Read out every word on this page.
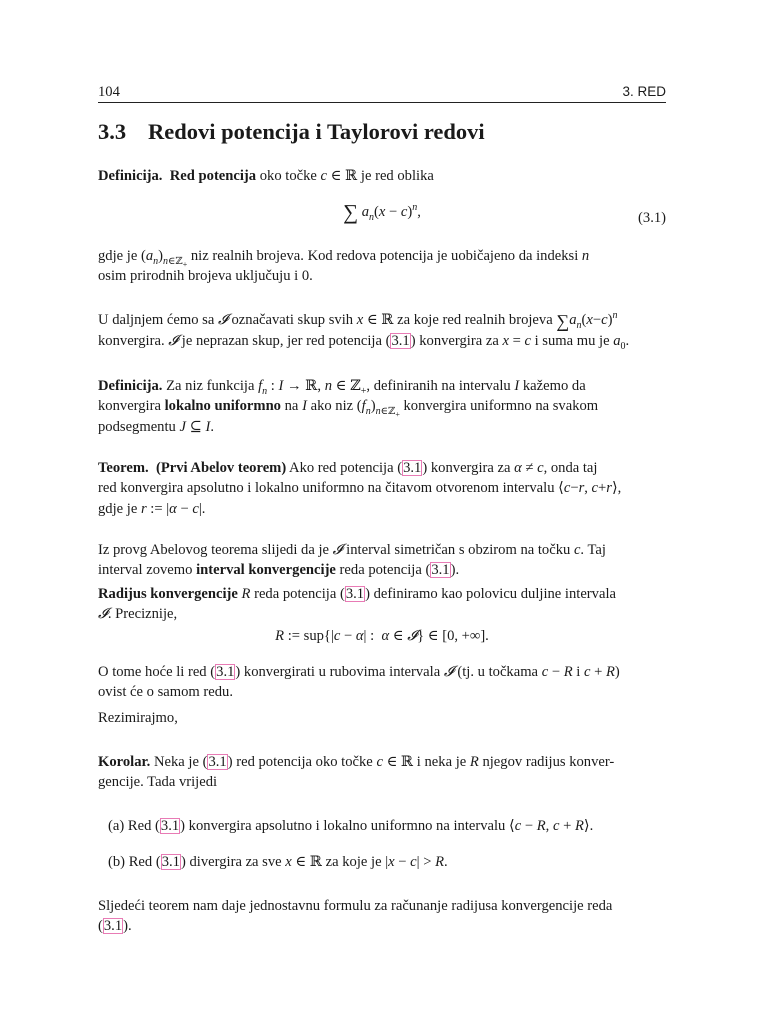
104	3. RED
3.3 Redovi potencija i Taylorovi redovi
Definicija. Red potencija oko točke c ∈ ℝ je red oblika
∑ $a_n(x - c)^n$,	(3.1)
gdje je $(a_n)_{n\in ℤ_+}$ niz realnih brojeva. Kod redova potencija je uobičajeno da indeksi n
osim prirodnih brojeva uključuju i 0.
U daljnjem ćemo sa 𝓘 označavati skup svih x ∈ ℝ za koje red realnih brojeva $\sum a_n(x-c)^n$
konvergira. 𝓘 je neprazan skup, jer red potencija (3.1) konvergira za x = c i suma mu je $a_0$.
Definicija. Za niz funkcija $f_n$ : I → ℝ, n ∈ ℤ$_+$, definiranih na intervalu I kažemo da
konvergira lokalno uniformno na I ako niz $(f_n)_{n\in ℤ_+}$ konvergira uniformno na svakom
podsegmentu J ⊆ I.
Teorem. (Prvi Abelov teorem) Ako red potencija (3.1) konvergira za α ≠ c, onda taj
red konvergira apsolutno i lokalno uniformno na čitavom otvorenom intervalu ⟨c−r, c+r⟩,
gdje je r := |α − c|.
Iz provg Abelovog teorema slijedi da je 𝓘 interval simetričan s obzirom na točku c. Taj
interval zovemo interval konvergencije reda potencija (3.1).
Radijus konvergencije R reda potencija (3.1) definiramo kao polovicu duljine intervala
𝓘. Preciznije,
R := sup{|c − α| :  α ∈ 𝓘} ∈ [0, +∞].
O tome hoće li red (3.1) konvergirati u rubovima intervala 𝓘 (tj. u točkama c − R i c + R)
ovist će o samom redu.
Rezimirajmo,
Korolar. Neka je (3.1) red potencija oko točke c ∈ ℝ i neka je R njegov radijus konver-
gencije. Tada vrijedi
(a) Red (3.1) konvergira apsolutno i lokalno uniformno na intervalu ⟨c − R, c + R⟩.
(b) Red (3.1) divergira za sve x ∈ ℝ za koje je |x − c| > R.
Sljedeći teorem nam daje jednostavnu formulu za računanje radijusa konvergencije reda
(3.1).
